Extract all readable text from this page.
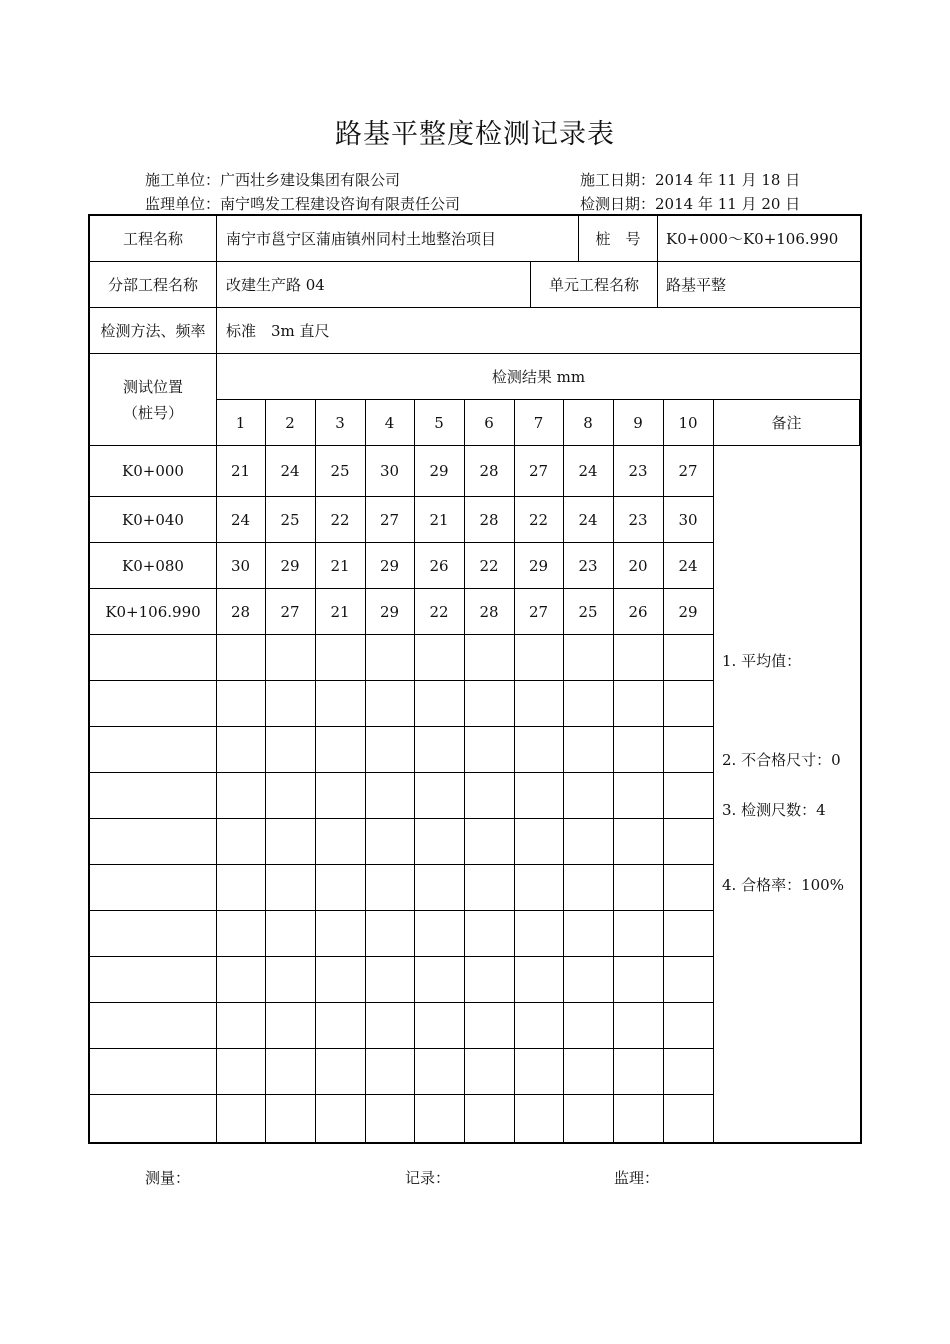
路基平整度检测记录表
施工单位：广西壮乡建设集团有限公司	施工日期：2014 年 11 月 18 日
监理单位：南宁鸣发工程建设咨询有限责任公司	检测日期：2014 年 11 月 20 日
工程名称	南宁市邕宁区蒲庙镇州同村土地整治项目	桩　号	K0+000～K0+106.990
分部工程名称	改建生产路 04	单元工程名称	路基平整
检测方法、频率	标准　3m 直尺
测试位置
（桩号）
检测结果 mm
1	2	3	4	5	6	7	8	9	10	备注
K0+000	21	24	25	30	29	28	27	24	23	27
K0+040	24	25	22	27	21	28	22	24	23	30
K0+080	30	29	21	29	26	22	29	23	20	24
K0+106.990	28	27	21	29	22	28	27	25	26	29
1. 平均值：
2. 不合格尺寸：0
3. 检测尺数：4
4. 合格率：100%
测量：	记录：	监理：
